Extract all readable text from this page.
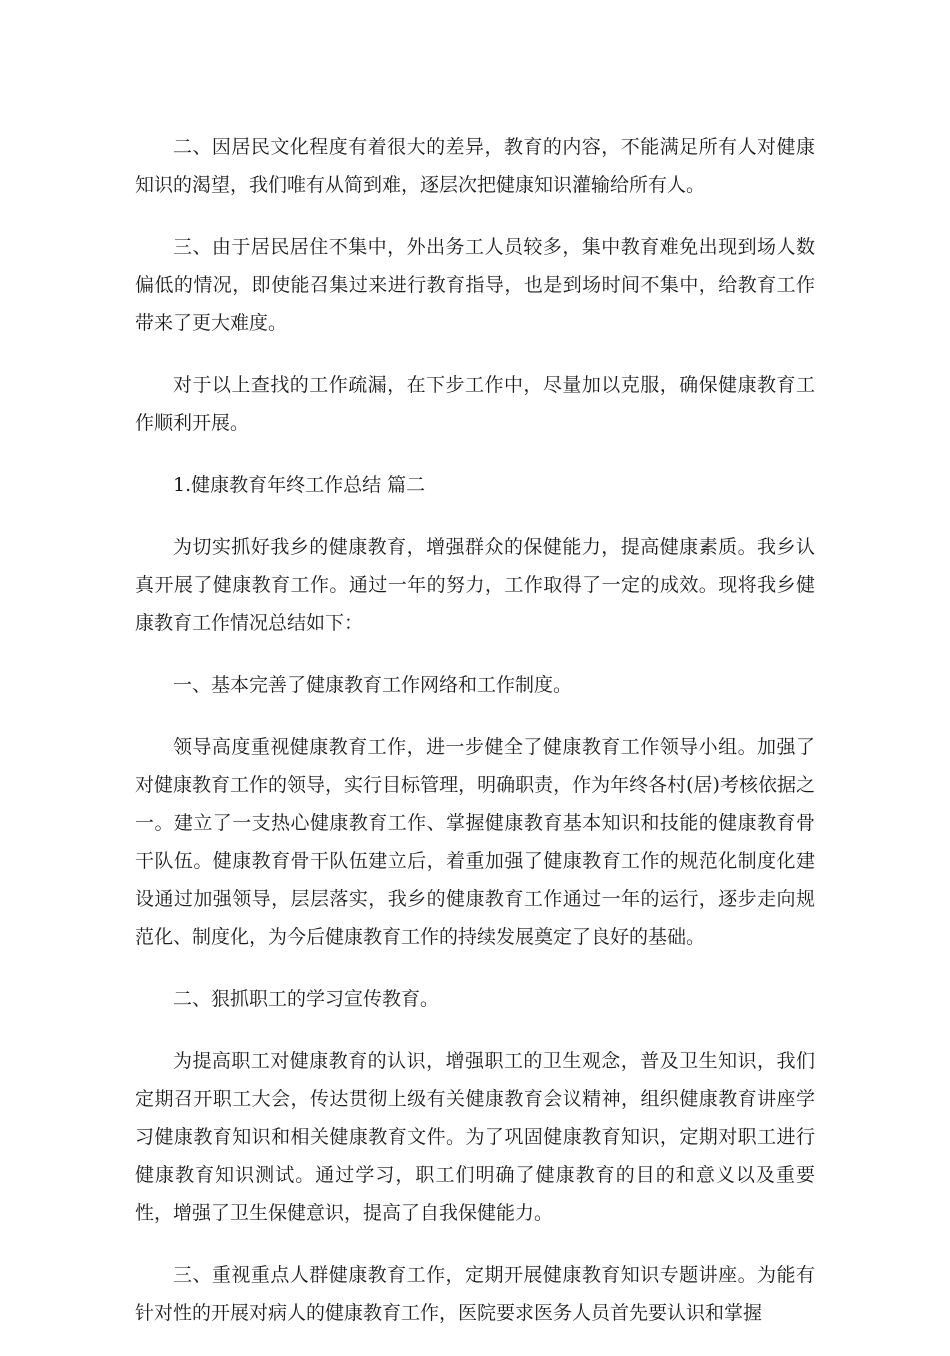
二、因居民文化程度有着很大的差异，教育的内容，不能满足所有人对健康知识的渴望，我们唯有从简到难，逐层次把健康知识灌输给所有人。

三、由于居民居住不集中，外出务工人员较多，集中教育难免出现到场人数偏低的情况，即使能召集过来进行教育指导，也是到场时间不集中，给教育工作带来了更大难度。

对于以上查找的工作疏漏，在下步工作中，尽量加以克服，确保健康教育工作顺利开展。

1.健康教育年终工作总结 篇二

为切实抓好我乡的健康教育，增强群众的保健能力，提高健康素质。我乡认真开展了健康教育工作。通过一年的努力，工作取得了一定的成效。现将我乡健康教育工作情况总结如下：

一、基本完善了健康教育工作网络和工作制度。

领导高度重视健康教育工作，进一步健全了健康教育工作领导小组。加强了对健康教育工作的领导，实行目标管理，明确职责，作为年终各村(居)考核依据之一。建立了一支热心健康教育工作、掌握健康教育基本知识和技能的健康教育骨干队伍。健康教育骨干队伍建立后，着重加强了健康教育工作的规范化制度化建设通过加强领导，层层落实，我乡的健康教育工作通过一年的运行，逐步走向规范化、制度化，为今后健康教育工作的持续发展奠定了良好的基础。

二、狠抓职工的学习宣传教育。

为提高职工对健康教育的认识，增强职工的卫生观念，普及卫生知识，我们定期召开职工大会，传达贯彻上级有关健康教育会议精神，组织健康教育讲座学习健康教育知识和相关健康教育文件。为了巩固健康教育知识，定期对职工进行健康教育知识测试。通过学习，职工们明确了健康教育的目的和意义以及重要性，增强了卫生保健意识，提高了自我保健能力。

三、重视重点人群健康教育工作，定期开展健康教育知识专题讲座。为能有针对性的开展对病人的健康教育工作，医院要求医务人员首先要认识和掌握
